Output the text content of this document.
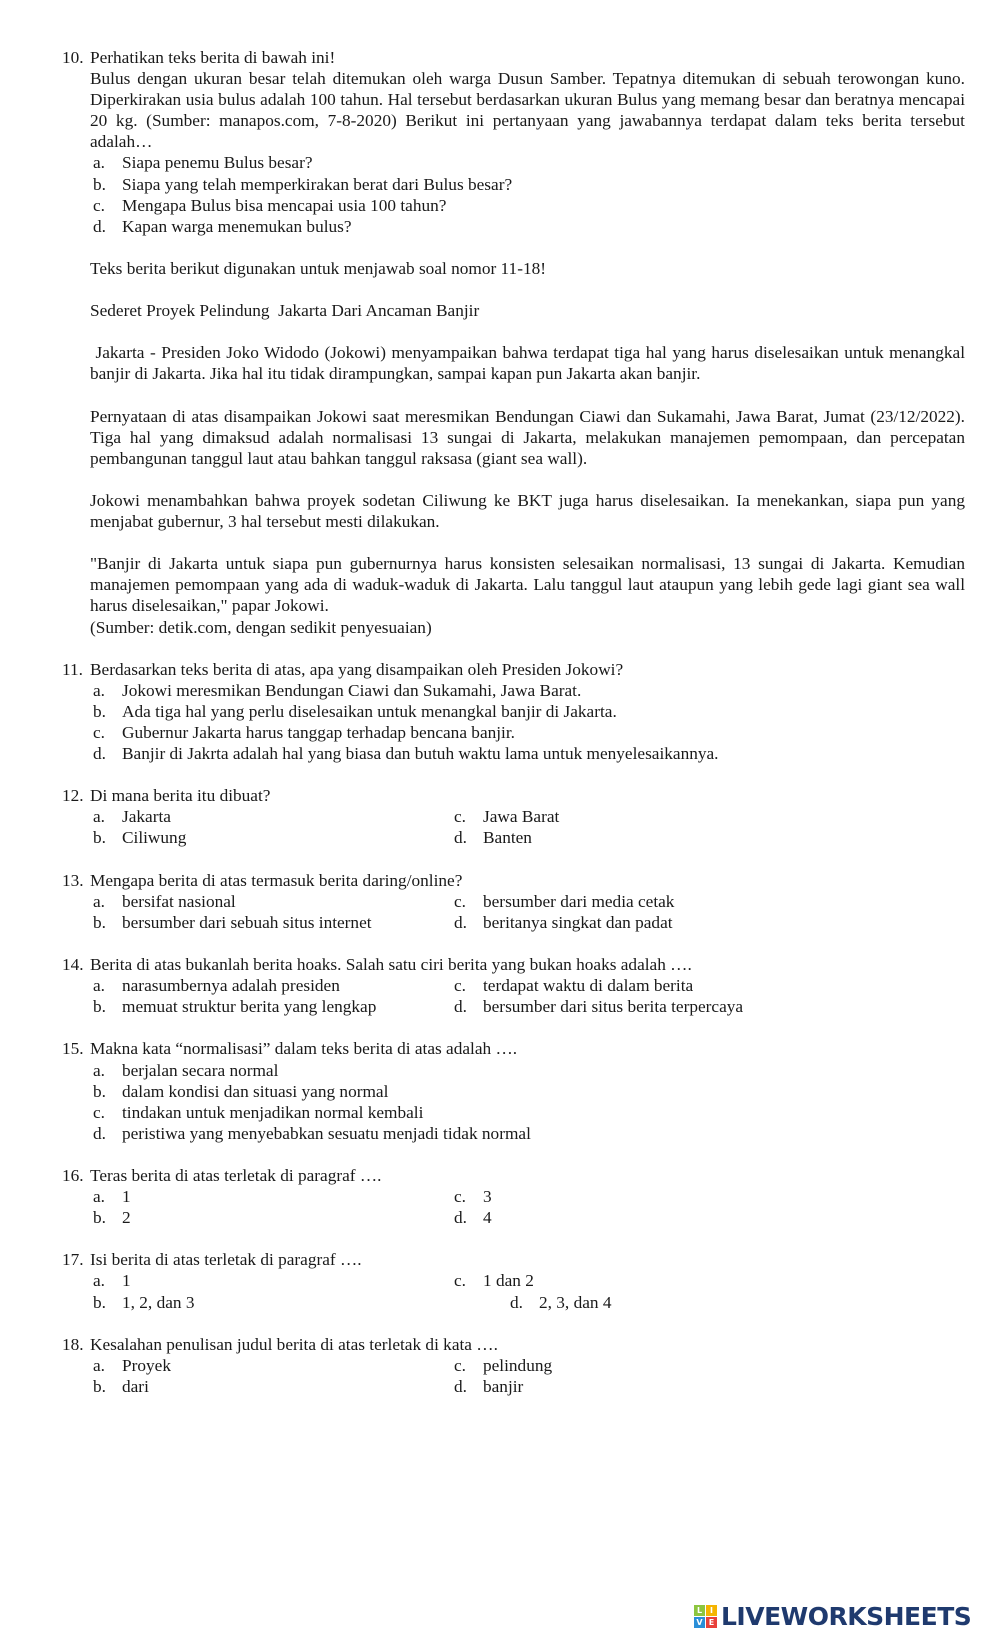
10. Perhatikan teks berita di bawah ini!
Bulus dengan ukuran besar telah ditemukan oleh warga Dusun Samber. Tepatnya ditemukan di sebuah terowongan kuno. Diperkirakan usia bulus adalah 100 tahun. Hal tersebut berdasarkan ukuran Bulus yang memang besar dan beratnya mencapai 20 kg. (Sumber: manapos.com, 7-8-2020) Berikut ini pertanyaan yang jawabannya terdapat dalam teks berita tersebut adalah…
a. Siapa penemu Bulus besar?
b. Siapa yang telah memperkirakan berat dari Bulus besar?
c. Mengapa Bulus bisa mencapai usia 100 tahun?
d. Kapan warga menemukan bulus?
Teks berita berikut digunakan untuk menjawab soal nomor 11-18!
Sederet Proyek Pelindung  Jakarta Dari Ancaman Banjir
Jakarta - Presiden Joko Widodo (Jokowi) menyampaikan bahwa terdapat tiga hal yang harus diselesaikan untuk menangkal banjir di Jakarta. Jika hal itu tidak dirampungkan, sampai kapan pun Jakarta akan banjir.
Pernyataan di atas disampaikan Jokowi saat meresmikan Bendungan Ciawi dan Sukamahi, Jawa Barat, Jumat (23/12/2022). Tiga hal yang dimaksud adalah normalisasi 13 sungai di Jakarta, melakukan manajemen pemompaan, dan percepatan pembangunan tanggul laut atau bahkan tanggul raksasa (giant sea wall).
Jokowi menambahkan bahwa proyek sodetan Ciliwung ke BKT juga harus diselesaikan. Ia menekankan, siapa pun yang menjabat gubernur, 3 hal tersebut mesti dilakukan.
"Banjir di Jakarta untuk siapa pun gubernurnya harus konsisten selesaikan normalisasi, 13 sungai di Jakarta. Kemudian manajemen pemompaan yang ada di waduk-waduk di Jakarta. Lalu tanggul laut ataupun yang lebih gede lagi giant sea wall harus diselesaikan," papar Jokowi.
(Sumber: detik.com, dengan sedikit penyesuaian)
11. Berdasarkan teks berita di atas, apa yang disampaikan oleh Presiden Jokowi?
a. Jokowi meresmikan Bendungan Ciawi dan Sukamahi, Jawa Barat.
b. Ada tiga hal yang perlu diselesaikan untuk menangkal banjir di Jakarta.
c. Gubernur Jakarta harus tanggap terhadap bencana banjir.
d. Banjir di Jakrta adalah hal yang biasa dan butuh waktu lama untuk menyelesaikannya.
12. Di mana berita itu dibuat?
a. Jakarta	c. Jawa Barat
b. Ciliwung	d. Banten
13. Mengapa berita di atas termasuk berita daring/online?
a. bersifat nasional	c. bersumber dari media cetak
b. bersumber dari sebuah situs internet	d. beritanya singkat dan padat
14. Berita di atas bukanlah berita hoaks. Salah satu ciri berita yang bukan hoaks adalah ….
a. narasumbernya adalah presiden	c. terdapat waktu di dalam berita
b. memuat struktur berita yang lengkap	d. bersumber dari situs berita terpercaya
15. Makna kata “normalisasi” dalam teks berita di atas adalah ….
a. berjalan secara normal
b. dalam kondisi dan situasi yang normal
c. tindakan untuk menjadikan normal kembali
d. peristiwa yang menyebabkan sesuatu menjadi tidak normal
16. Teras berita di atas terletak di paragraf ….
a. 1	c. 3
b. 2	d. 4
17. Isi berita di atas terletak di paragraf ….
a. 1	c. 1 dan 2
b. 1, 2, dan 3	d. 2, 3, dan 4
18. Kesalahan penulisan judul berita di atas terletak di kata ….
a. Proyek	c. pelindung
b. dari	d. banjir
L I
V E LIVEWORKSHEETS
